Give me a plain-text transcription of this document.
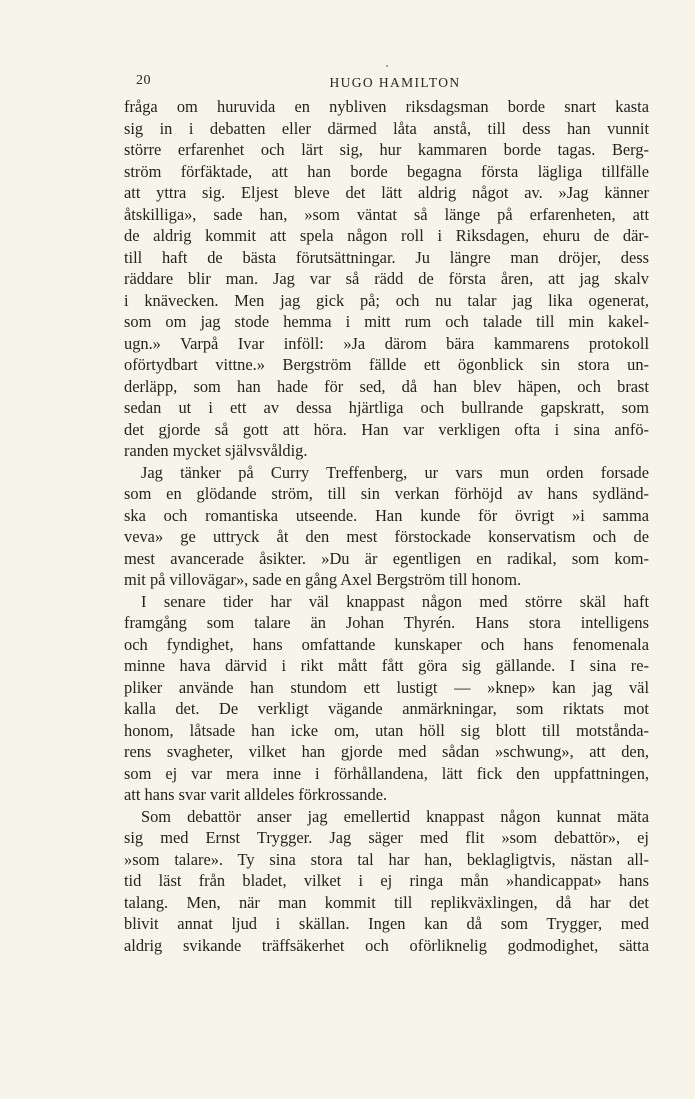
20	HUGO HAMILTON
fråga om huruvida en nybliven riksdagsman borde snart kasta
sig in i debatten eller därmed låta anstå, till dess han vunnit
större erfarenhet och lärt sig, hur kammaren borde tagas. Berg-
ström förfäktade, att han borde begagna första lägliga tillfälle
att yttra sig. Eljest bleve det lätt aldrig något av. »Jag känner
åtskilliga», sade han, »som väntat så länge på erfarenheten, att
de aldrig kommit att spela någon roll i Riksdagen, ehuru de där-
till haft de bästa förutsättningar. Ju längre man dröjer, dess
räddare blir man. Jag var så rädd de första åren, att jag skalv
i knävecken. Men jag gick på; och nu talar jag lika ogenerat,
som om jag stode hemma i mitt rum och talade till min kakel-
ugn.» Varpå Ivar inföll: »Ja därom bära kammarens protokoll
oförtydbart vittne.» Bergström fällde ett ögonblick sin stora un-
derläpp, som han hade för sed, då han blev häpen, och brast
sedan ut i ett av dessa hjärtliga och bullrande gapskratt, som
det gjorde så gott att höra. Han var verkligen ofta i sina anfö-
randen mycket självsvåldig.
Jag tänker på Curry Treffenberg, ur vars mun orden forsade
som en glödande ström, till sin verkan förhöjd av hans sydländ-
ska och romantiska utseende. Han kunde för övrigt »i samma
veva» ge uttryck åt den mest förstockade konservatism och de
mest avancerade åsikter. »Du är egentligen en radikal, som kom-
mit på villovägar», sade en gång Axel Bergström till honom.
I senare tider har väl knappast någon med större skäl haft
framgång som talare än Johan Thyrén. Hans stora intelligens
och fyndighet, hans omfattande kunskaper och hans fenomenala
minne hava därvid i rikt mått fått göra sig gällande. I sina re-
pliker använde han stundom ett lustigt — »knep» kan jag väl
kalla det. De verkligt vägande anmärkningar, som riktats mot
honom, låtsade han icke om, utan höll sig blott till motstånda-
rens svagheter, vilket han gjorde med sådan »schwung», att den,
som ej var mera inne i förhållandena, lätt fick den uppfattningen,
att hans svar varit alldeles förkrossande.
Som debattör anser jag emellertid knappast någon kunnat mäta
sig med Ernst Trygger. Jag säger med flit »som debattör», ej
»som talare». Ty sina stora tal har han, beklagligtvis, nästan all-
tid läst från bladet, vilket i ej ringa mån »handicappat» hans
talang. Men, när man kommit till replikväxlingen, då har det
blivit annat ljud i skällan. Ingen kan då som Trygger, med
aldrig svikande träffsäkerhet och oförliknelig godmodighet, sätta
